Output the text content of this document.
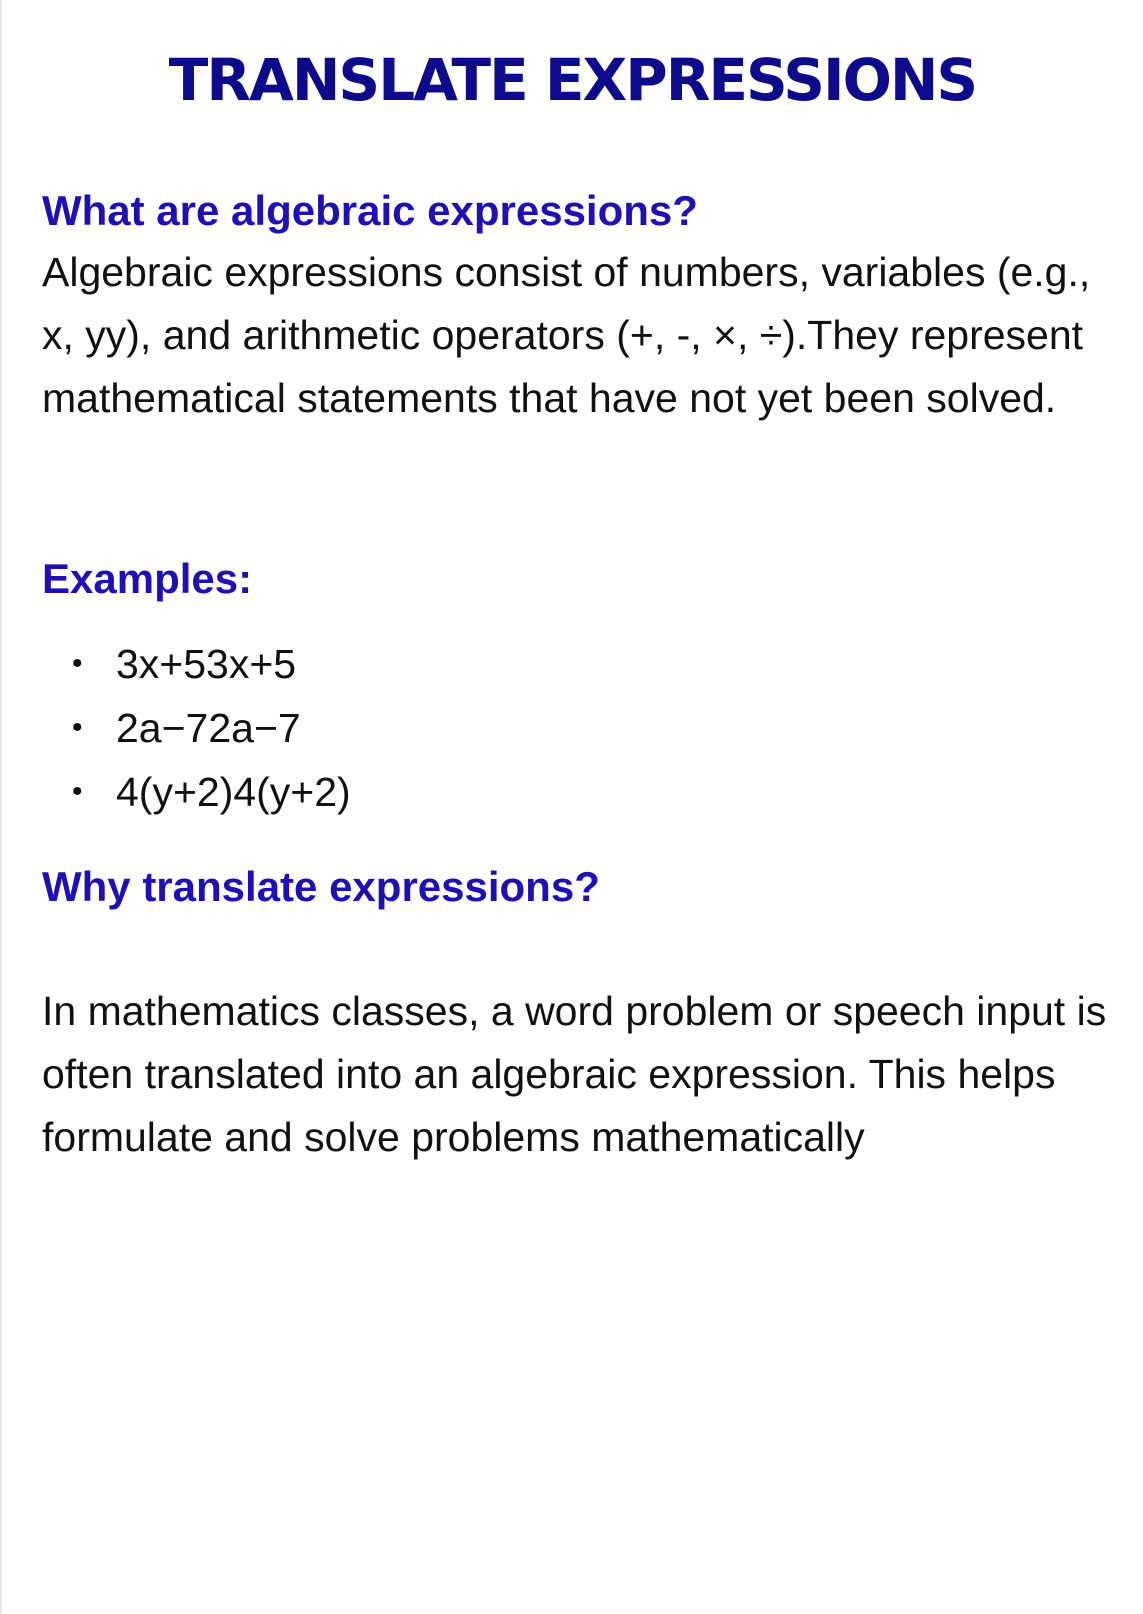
TRANSLATE EXPRESSIONS
What are algebraic expressions?

Algebraic expressions consist of numbers, variables (e.g., x, yy), and arithmetic operators (+, -, ×, ÷).They represent mathematical statements that have not yet been solved.

Examples:
• 3x+53x+5
• 2a−72a−7
• 4(y+2)4(y+2)
Why translate expressions?

In mathematics classes, a word problem or speech input is often translated into an algebraic expression. This helps formulate and solve problems mathematically
